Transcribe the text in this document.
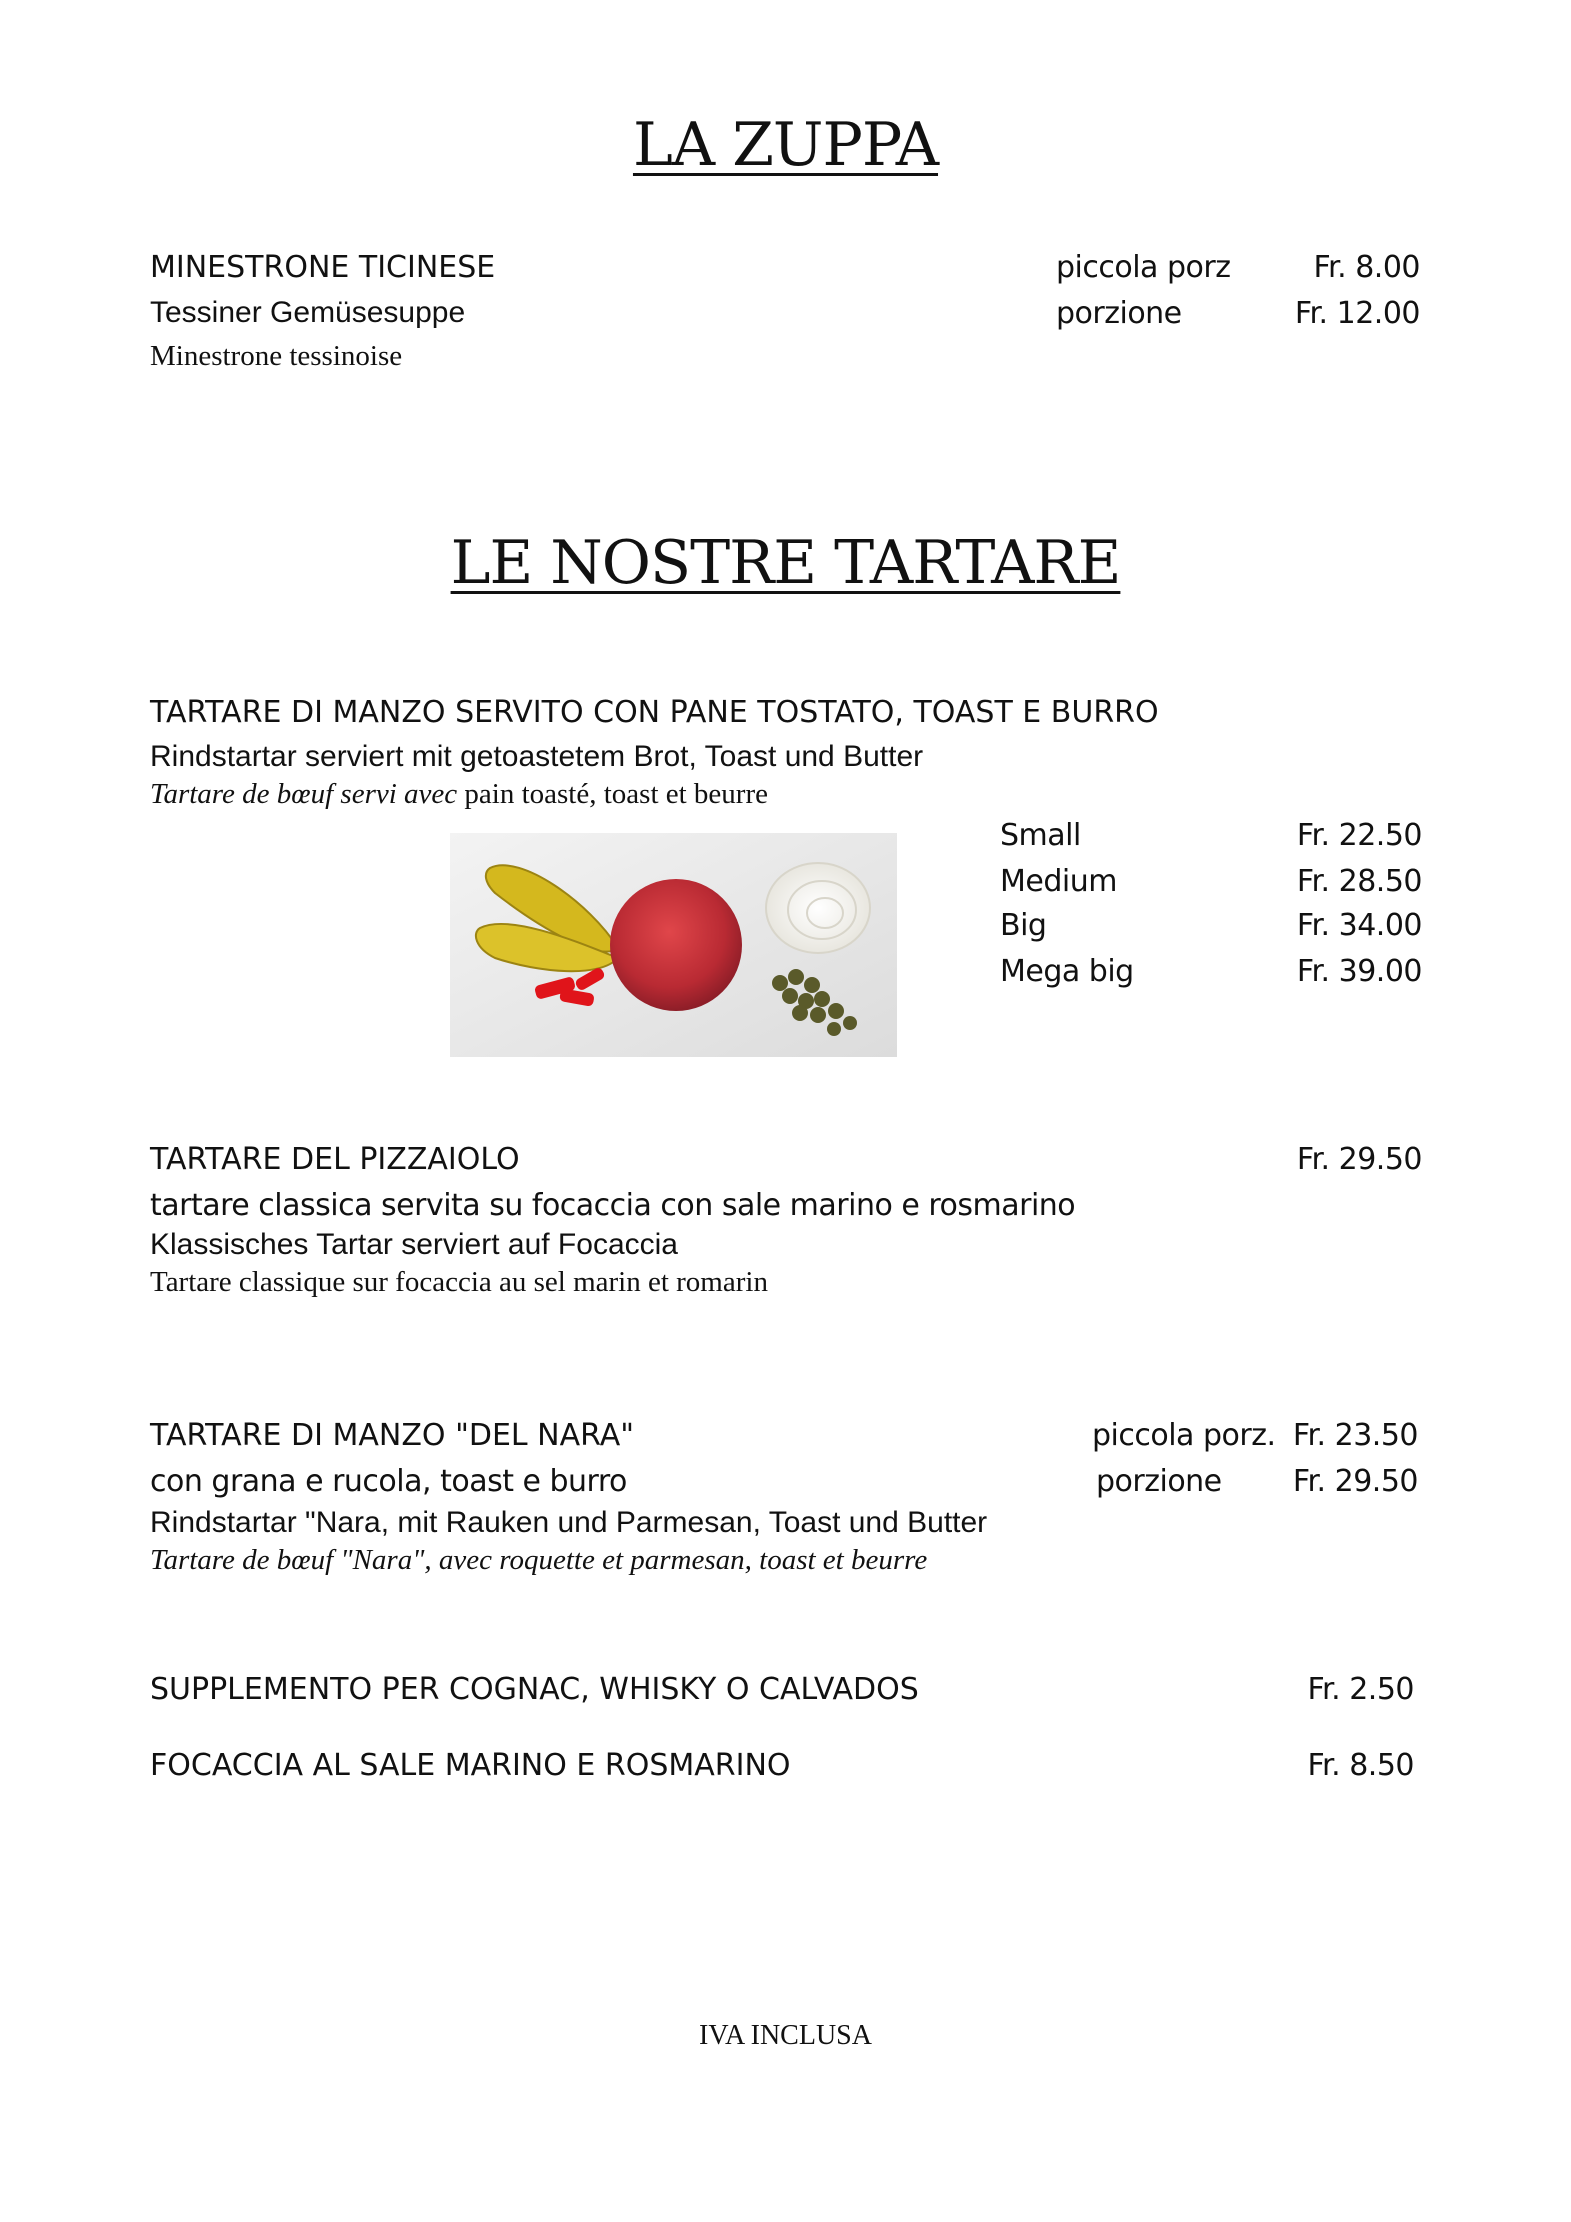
LA ZUPPA
MINESTRONE TICINESE
Tessiner Gemüsesuppe
Minestrone tessinoise
piccola porz	Fr. 8.00
porzione	Fr. 12.00
LE NOSTRE TARTARE
TARTARE DI MANZO SERVITO CON PANE TOSTATO, TOAST E BURRO
Rindstartar serviert mit getoastetem Brot, Toast und Butter
Tartare de bœuf servi avec pain toasté, toast et beurre
Small	Fr. 22.50
Medium	Fr. 28.50
Big	Fr. 34.00
Mega big	Fr. 39.00
TARTARE DEL PIZZAIOLO	Fr. 29.50
tartare classica servita su focaccia con sale marino e rosmarino
Klassisches Tartar serviert auf Focaccia
Tartare classique sur focaccia au sel marin et romarin
TARTARE DI MANZO "DEL NARA"	piccola porz. Fr. 23.50
con grana e rucola, toast e burro	porzione	Fr. 29.50
Rindstartar "Nara, mit Rauken und Parmesan, Toast und Butter
Tartare de bœuf "Nara", avec roquette et parmesan, toast et beurre
SUPPLEMENTO PER COGNAC, WHISKY O CALVADOS	Fr. 2.50
FOCACCIA AL SALE MARINO E ROSMARINO	Fr. 8.50
IVA INCLUSA
